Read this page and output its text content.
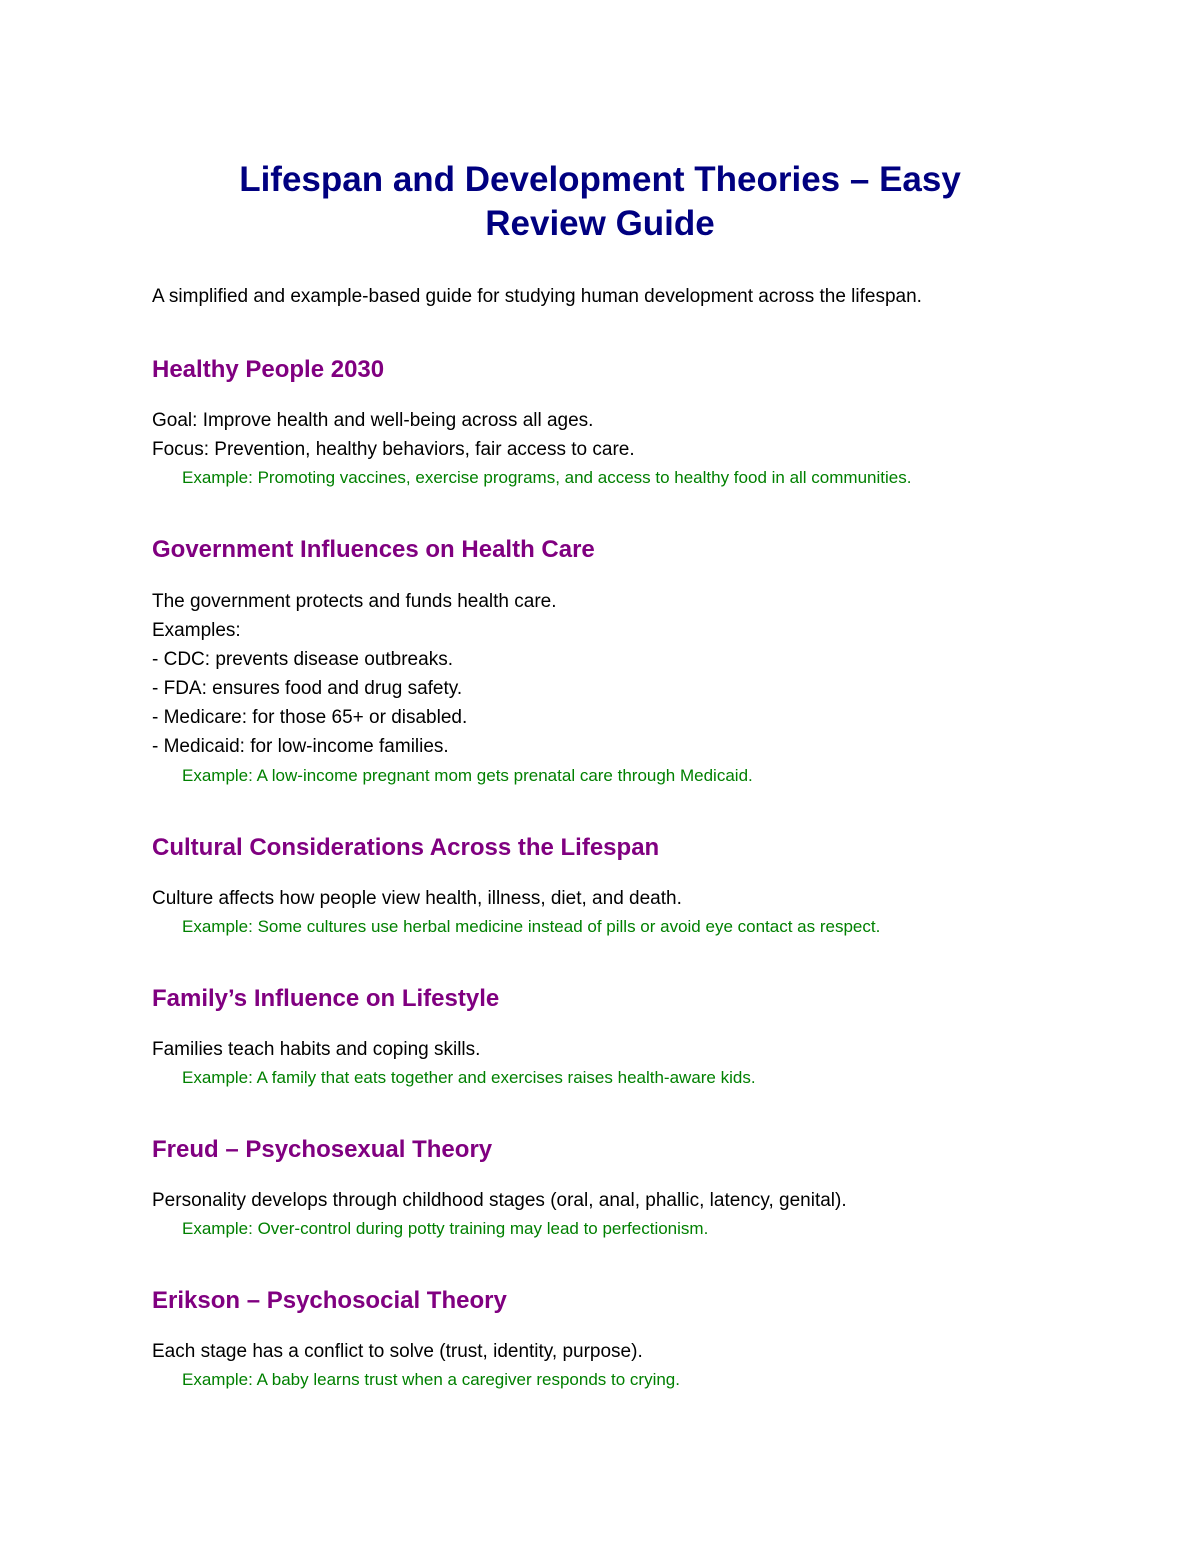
Lifespan and Development Theories – Easy
Review Guide

A simplified and example-based guide for studying human development across the lifespan.

Healthy People 2030

Goal: Improve health and well-being across all ages.

Focus: Prevention, healthy behaviors, fair access to care.

Example: Promoting vaccines, exercise programs, and access to healthy food in all communities.

Government Influences on Health Care

The government protects and funds health care.

Examples:

- CDC: prevents disease outbreaks.

- FDA: ensures food and drug safety.

- Medicare: for those 65+ or disabled.

- Medicaid: for low-income families.

Example: A low-income pregnant mom gets prenatal care through Medicaid.

Cultural Considerations Across the Lifespan

Culture affects how people view health, illness, diet, and death.

Example: Some cultures use herbal medicine instead of pills or avoid eye contact as respect.

Family’s Influence on Lifestyle

Families teach habits and coping skills.

Example: A family that eats together and exercises raises health-aware kids.

Freud – Psychosexual Theory

Personality develops through childhood stages (oral, anal, phallic, latency, genital).

Example: Over-control during potty training may lead to perfectionism.

Erikson – Psychosocial Theory

Each stage has a conflict to solve (trust, identity, purpose).

Example: A baby learns trust when a caregiver responds to crying.
